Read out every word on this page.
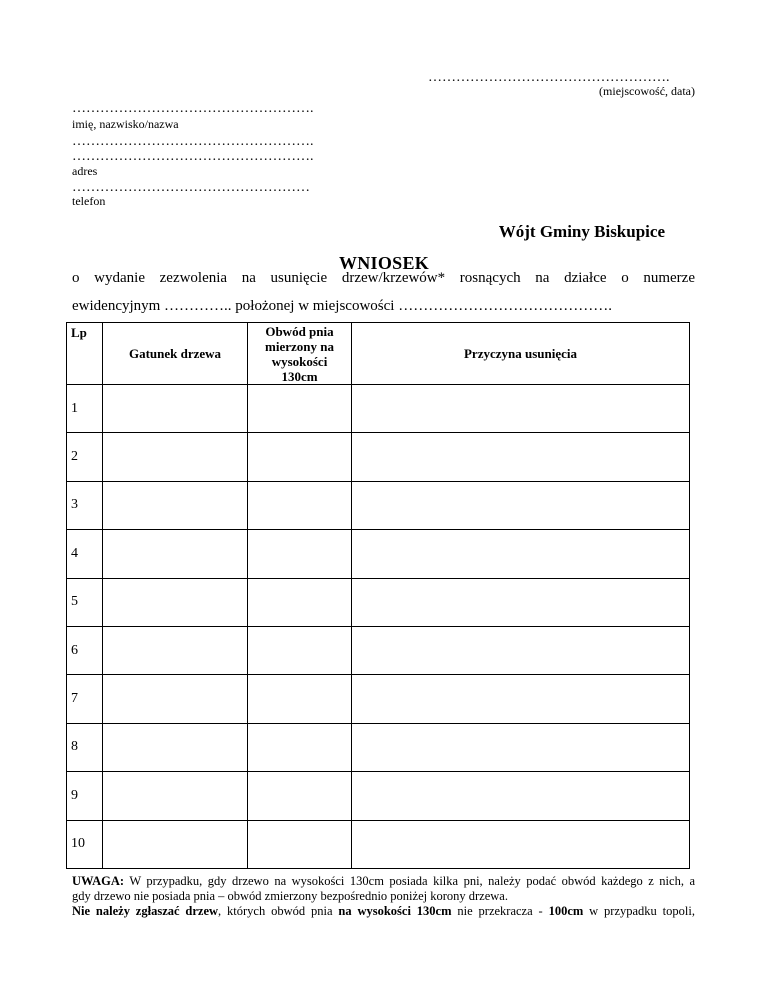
…………………………………………….
(miejscowość, data)
…………………………………………….
imię, nazwisko/nazwa
…………………………………………….
…………………………………………….
adres
……………………………………………
telefon
Wójt Gminy Biskupice
WNIOSEK
o wydanie zezwolenia na usunięcie drzew/krzewów* rosnących na działce o numerze
ewidencyjnym ………….. położonej w miejscowości …………………………………….
Lp	Gatunek drzewa	Obwód pnia mierzony na wysokości 130cm	Przyczyna usunięcia
1			
2			
3			
4			
5			
6			
7			
8			
9			
10			
UWAGA: W przypadku, gdy drzewo na wysokości 130cm posiada kilka pni, należy podać obwód każdego z nich, a
gdy drzewo nie posiada pnia – obwód zmierzony bezpośrednio poniżej korony drzewa.
Nie należy zgłaszać drzew, których obwód pnia na wysokości 130cm nie przekracza - 100cm w przypadku topoli,
